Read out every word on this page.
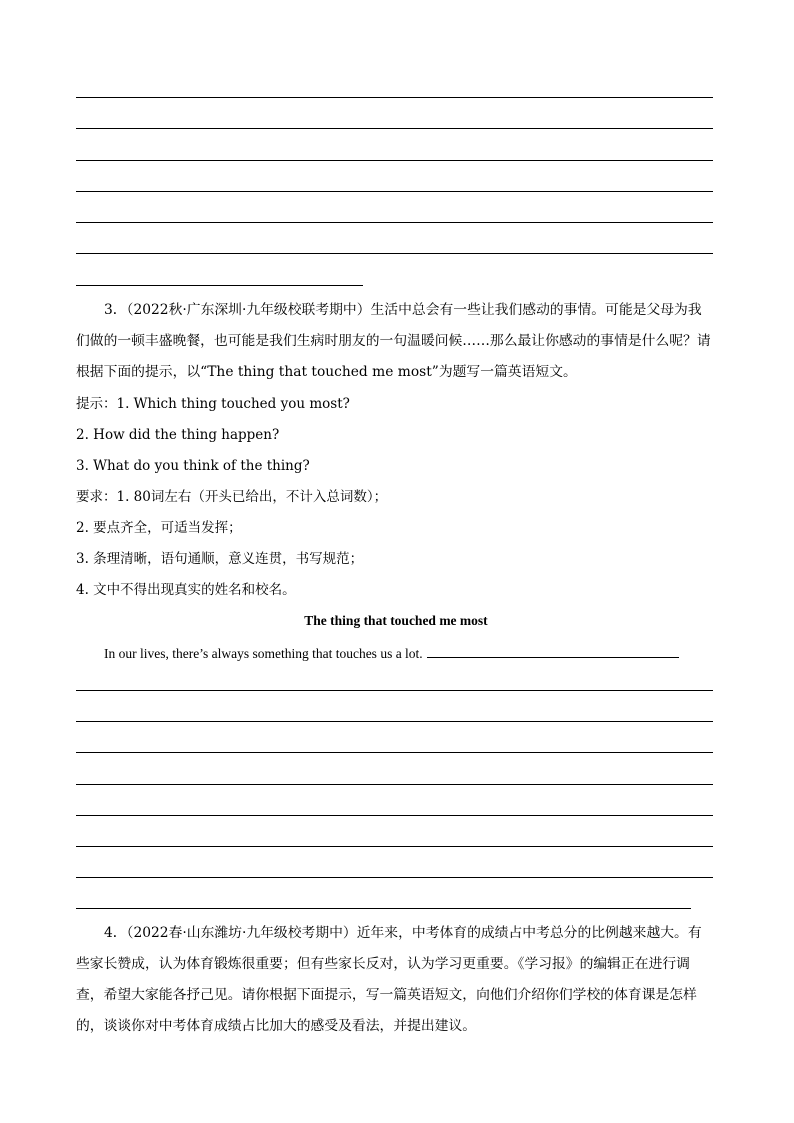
3．（2022秋·广东深圳·九年级校联考期中）生活中总会有一些让我们感动的事情。可能是父母为我们做的一顿丰盛晚餐，也可能是我们生病时朋友的一句温暖问候……那么最让你感动的事情是什么呢？请根据下面的提示，以“The thing that touched me most”为题写一篇英语短文。
提示：1. Which thing touched you most?
2. How did the thing happen?
3. What do you think of the thing?
要求：1. 80词左右（开头已给出，不计入总词数）；
2. 要点齐全，可适当发挥；
3. 条理清晰，语句通顺，意义连贯，书写规范；
4. 文中不得出现真实的姓名和校名。
The thing that touched me most
In our lives, there’s always something that touches us a lot.
4．（2022春·山东潍坊·九年级校考期中）近年来，中考体育的成绩占中考总分的比例越来越大。有些家长赞成，认为体育锻炼很重要；但有些家长反对，认为学习更重要。《学习报》的编辑正在进行调查，希望大家能各抒己见。请你根据下面提示，写一篇英语短文，向他们介绍你们学校的体育课是怎样的，谈谈你对中考体育成绩占比加大的感受及看法，并提出建议。
